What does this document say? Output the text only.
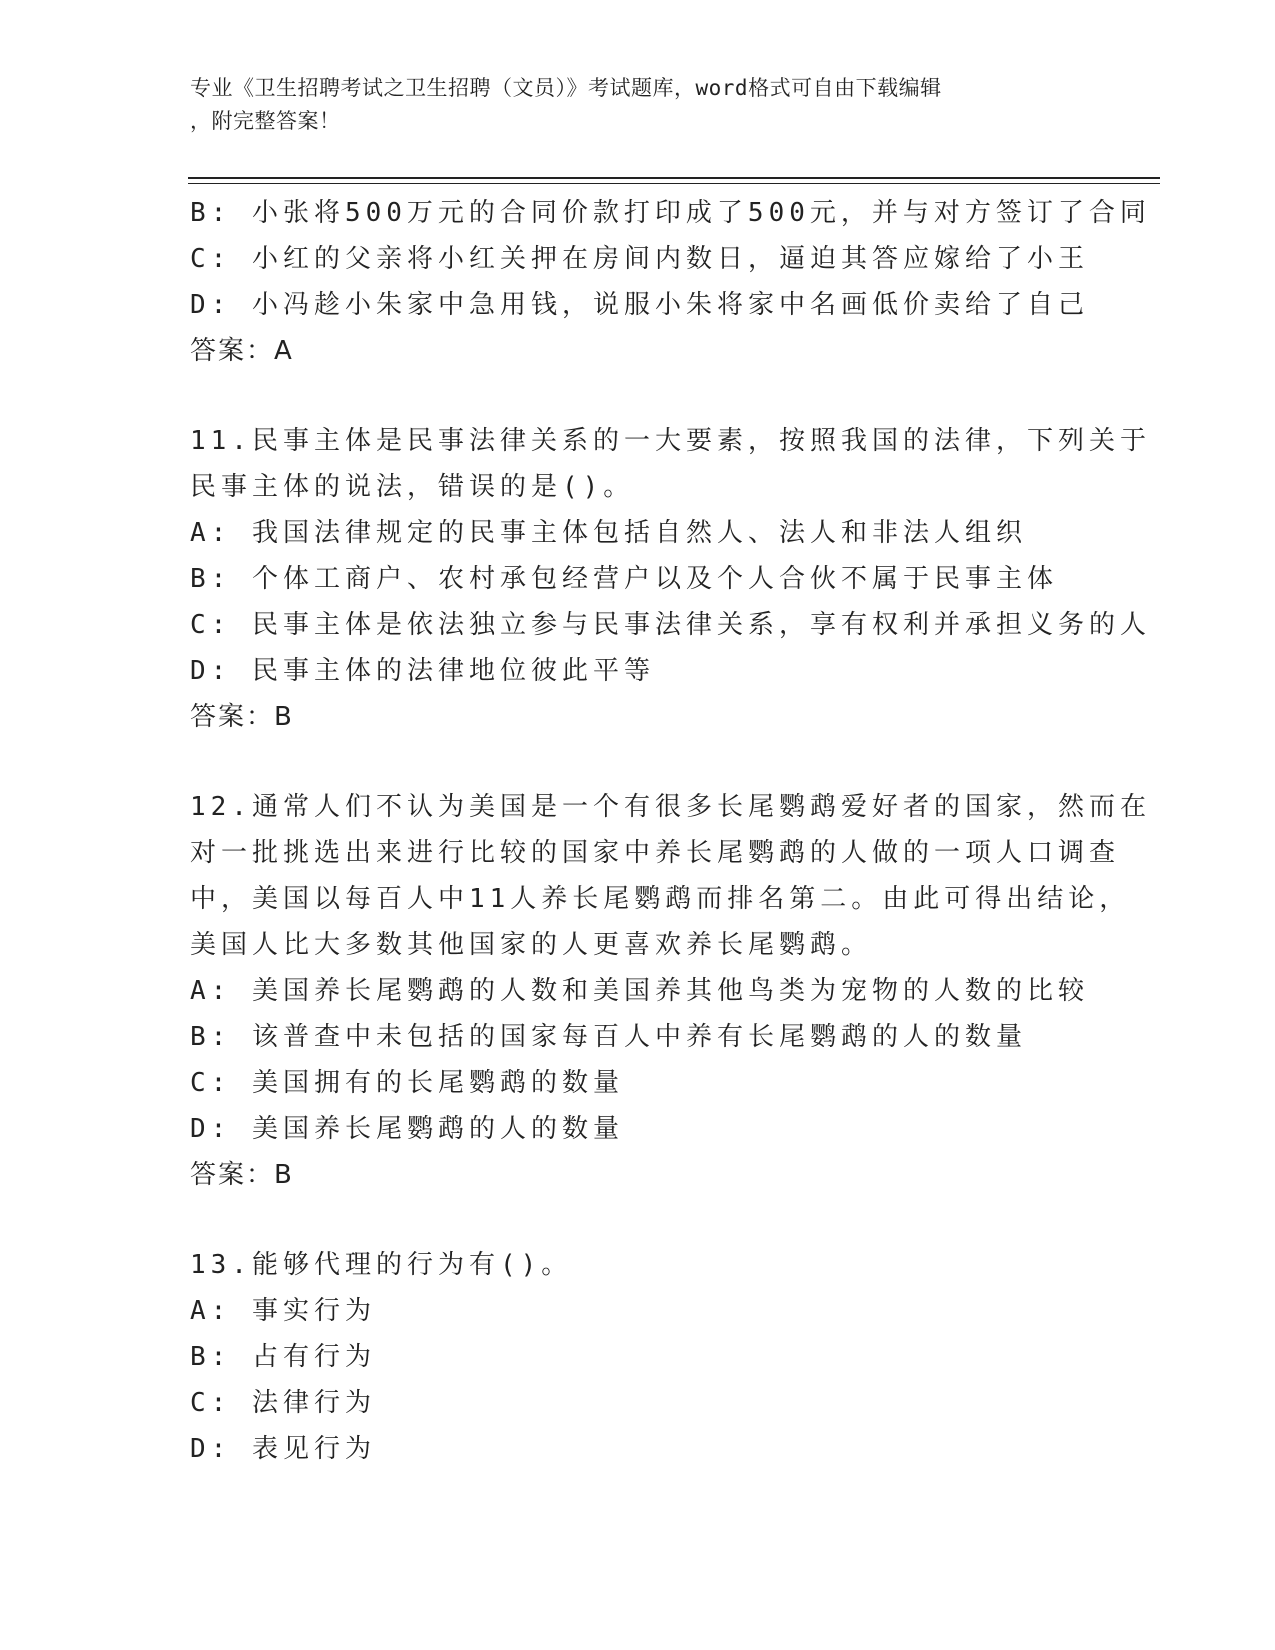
专业《卫生招聘考试之卫生招聘（文员）》考试题库，word格式可自由下载编辑
，附完整答案！
B: 小张将500万元的合同价款打印成了500元，并与对方签订了合同
C: 小红的父亲将小红关押在房间内数日，逼迫其答应嫁给了小王
D: 小冯趁小朱家中急用钱，说服小朱将家中名画低价卖给了自己
答案：A
11.民事主体是民事法律关系的一大要素，按照我国的法律，下列关于
民事主体的说法，错误的是()。
A: 我国法律规定的民事主体包括自然人、法人和非法人组织
B: 个体工商户、农村承包经营户以及个人合伙不属于民事主体
C: 民事主体是依法独立参与民事法律关系，享有权利并承担义务的人
D: 民事主体的法律地位彼此平等
答案：B
12.通常人们不认为美国是一个有很多长尾鹦鹉爱好者的国家，然而在
对一批挑选出来进行比较的国家中养长尾鹦鹉的人做的一项人口调查
中，美国以每百人中11人养长尾鹦鹉而排名第二。由此可得出结论，
美国人比大多数其他国家的人更喜欢养长尾鹦鹉。
A: 美国养长尾鹦鹉的人数和美国养其他鸟类为宠物的人数的比较
B: 该普查中未包括的国家每百人中养有长尾鹦鹉的人的数量
C: 美国拥有的长尾鹦鹉的数量
D: 美国养长尾鹦鹉的人的数量
答案：B
13.能够代理的行为有()。
A: 事实行为
B: 占有行为
C: 法律行为
D: 表见行为
